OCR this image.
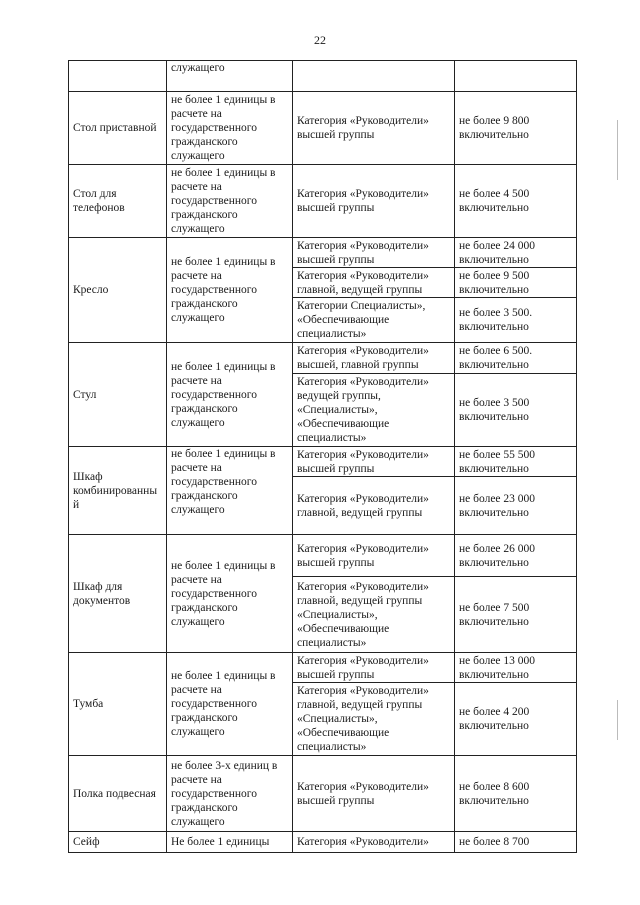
22
	служащего		
Стол приставной	не более 1 единицы в расчете на государственного гражданского служащего	Категория «Руководители» высшей группы	не более 9 800 включительно
Стол для телефонов	не более 1 единицы в расчете на государственного гражданского служащего	Категория «Руководители» высшей группы	не более 4 500 включительно
Кресло	не более 1 единицы в расчете на государственного гражданского служащего	Категория «Руководители» высшей группы	не более 24 000 включительно
		Категория «Руководители» главной, ведущей группы	не более 9 500 включительно
		Категории Специалисты», «Обеспечивающие специалисты»	не более 3 500. включительно
Стул	не более 1 единицы в расчете на государственного гражданского служащего	Категория «Руководители» высшей, главной группы	не более 6 500. включительно
		Категория «Руководители» ведущей группы, «Специалисты», «Обеспечивающие специалисты»	не более 3 500 включительно
Шкаф комбинированный	не более 1 единицы в расчете на государственного гражданского служащего	Категория «Руководители» высшей группы	не более 55 500 включительно
		Категория «Руководители» главной, ведущей группы	не более 23 000 включительно
Шкаф для документов	не более 1 единицы в расчете на государственного гражданского служащего	Категория «Руководители» высшей группы	не более 26 000 включительно
		Категория «Руководители» главной, ведущей группы «Специалисты», «Обеспечивающие специалисты»	не более 7 500 включительно
Тумба	не более 1 единицы в расчете на государственного гражданского служащего	Категория «Руководители» высшей группы	не более 13 000 включительно
		Категория «Руководители» главной, ведущей группы «Специалисты», «Обеспечивающие специалисты»	не более 4 200 включительно
Полка подвесная	не более 3-х единиц в расчете на государственного гражданского служащего	Категория «Руководители» высшей группы	не более 8 600 включительно
Сейф	Не более 1 единицы	Категория «Руководители»	не более 8 700
